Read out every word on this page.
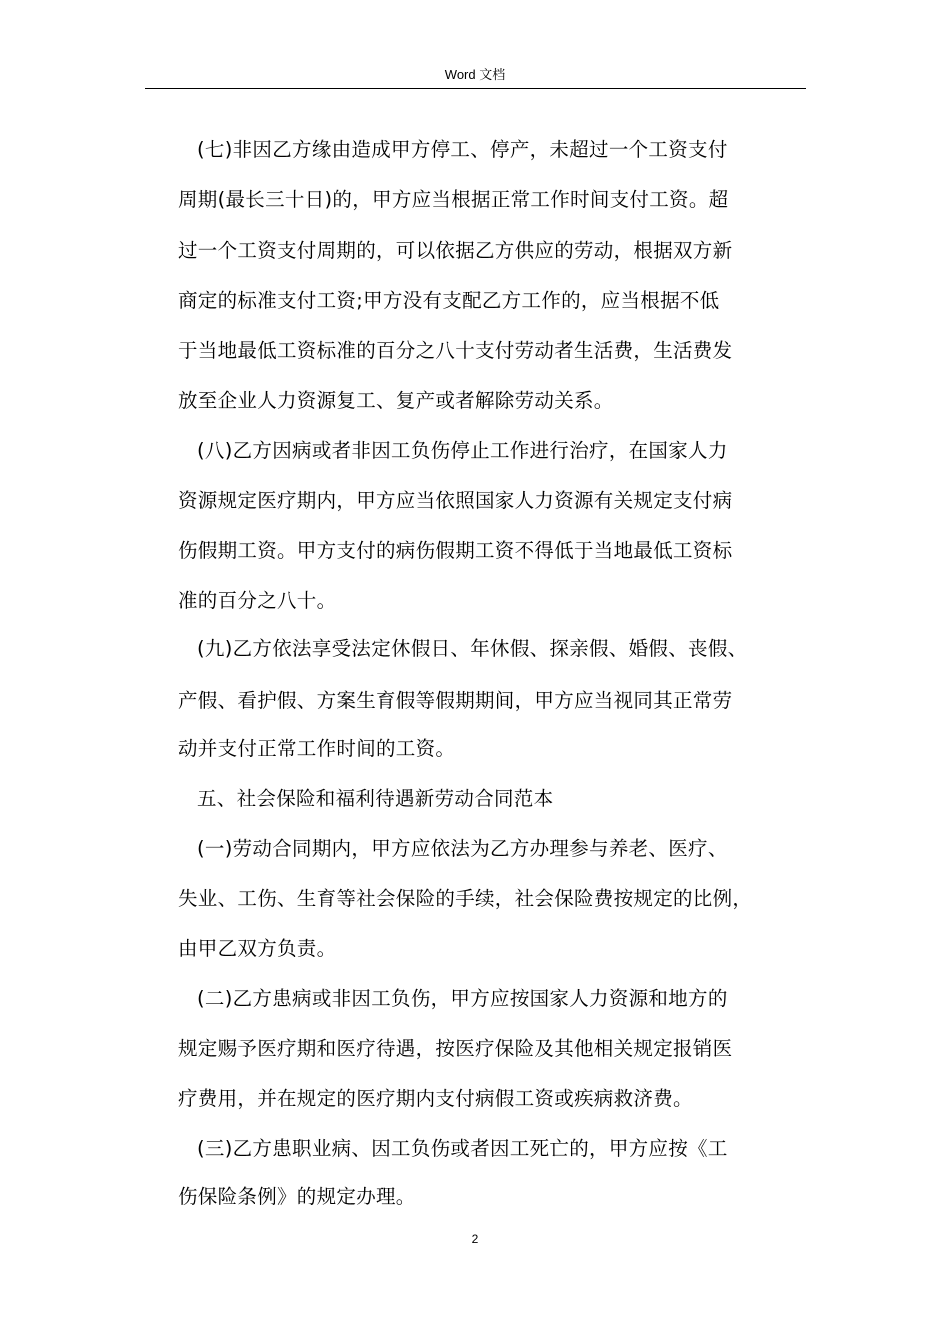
Word 文档
(七)非因乙方缘由造成甲方停工、停产，未超过一个工资支付
周期(最长三十日)的，甲方应当根据正常工作时间支付工资。超
过一个工资支付周期的，可以依据乙方供应的劳动，根据双方新
商定的标准支付工资;甲方没有支配乙方工作的，应当根据不低
于当地最低工资标准的百分之八十支付劳动者生活费，生活费发
放至企业人力资源复工、复产或者解除劳动关系。
(八)乙方因病或者非因工负伤停止工作进行治疗，在国家人力
资源规定医疗期内，甲方应当依照国家人力资源有关规定支付病
伤假期工资。甲方支付的病伤假期工资不得低于当地最低工资标
准的百分之八十。
(九)乙方依法享受法定休假日、年休假、探亲假、婚假、丧假、
产假、看护假、方案生育假等假期期间，甲方应当视同其正常劳
动并支付正常工作时间的工资。
五、社会保险和福利待遇新劳动合同范本
(一)劳动合同期内，甲方应依法为乙方办理参与养老、医疗、
失业、工伤、生育等社会保险的手续，社会保险费按规定的比例，
由甲乙双方负责。
(二)乙方患病或非因工负伤，甲方应按国家人力资源和地方的
规定赐予医疗期和医疗待遇，按医疗保险及其他相关规定报销医
疗费用，并在规定的医疗期内支付病假工资或疾病救济费。
(三)乙方患职业病、因工负伤或者因工死亡的，甲方应按《工
伤保险条例》的规定办理。
2
